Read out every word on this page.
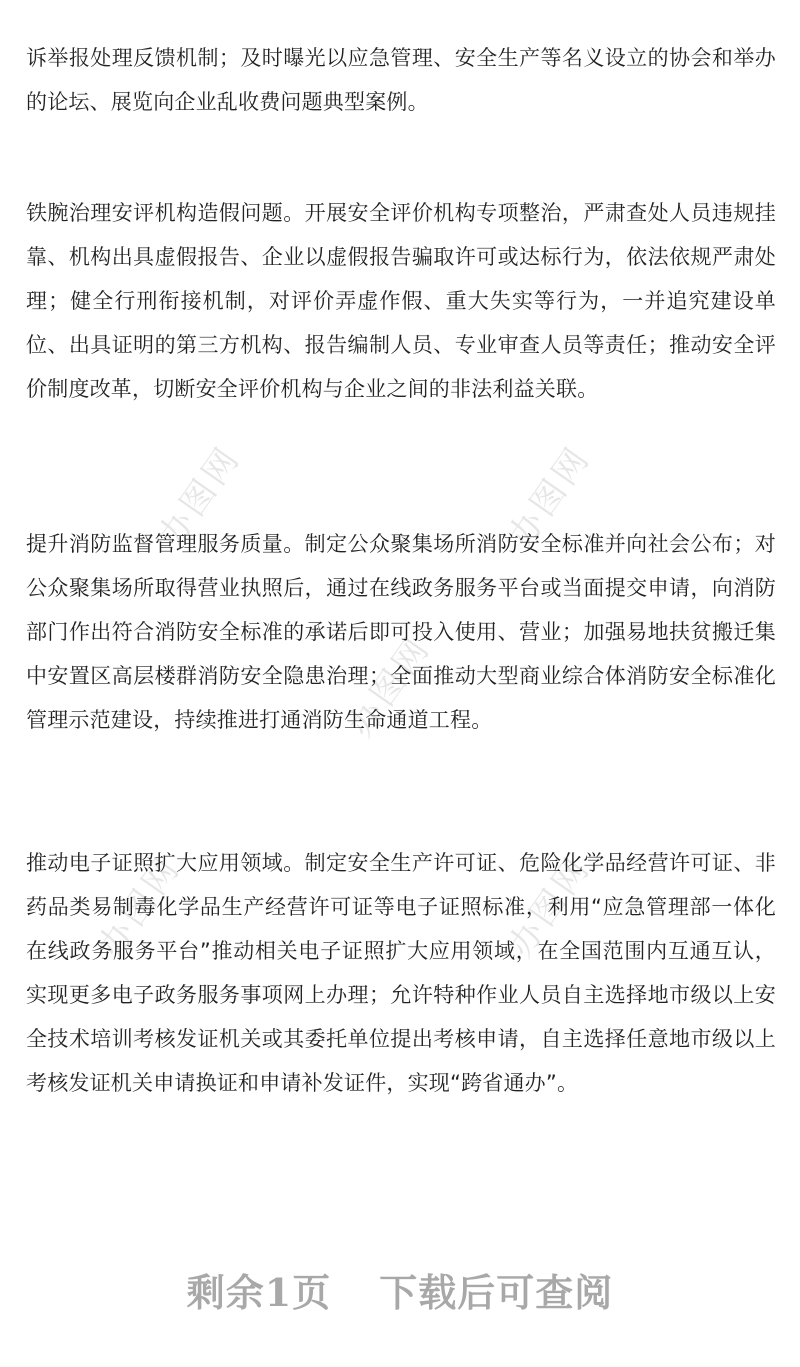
办图网	办图网
办图网
办图网	办图网

诉举报处理反馈机制；及时曝光以应急管理、安全生产等名义设立的协会和举办的论坛、展览向企业乱收费问题典型案例。

铁腕治理安评机构造假问题。开展安全评价机构专项整治，严肃查处人员违规挂靠、机构出具虚假报告、企业以虚假报告骗取许可或达标行为，依法依规严肃处理；健全行刑衔接机制，对评价弄虚作假、重大失实等行为，一并追究建设单位、出具证明的第三方机构、报告编制人员、专业审查人员等责任；推动安全评价制度改革，切断安全评价机构与企业之间的非法利益关联。

提升消防监督管理服务质量。制定公众聚集场所消防安全标准并向社会公布；对公众聚集场所取得营业执照后，通过在线政务服务平台或当面提交申请，向消防部门作出符合消防安全标准的承诺后即可投入使用、营业；加强易地扶贫搬迁集中安置区高层楼群消防安全隐患治理；全面推动大型商业综合体消防安全标准化管理示范建设，持续推进打通消防生命通道工程。

推动电子证照扩大应用领域。制定安全生产许可证、危险化学品经营许可证、非药品类易制毒化学品生产经营许可证等电子证照标准，利用“应急管理部一体化在线政务服务平台”推动相关电子证照扩大应用领域，在全国范围内互通互认，实现更多电子政务服务事项网上办理；允许特种作业人员自主选择地市级以上安全技术培训考核发证机关或其委托单位提出考核申请，自主选择任意地市级以上考核发证机关申请换证和申请补发证件，实现“跨省通办”。

剩余1页 下载后可查阅
